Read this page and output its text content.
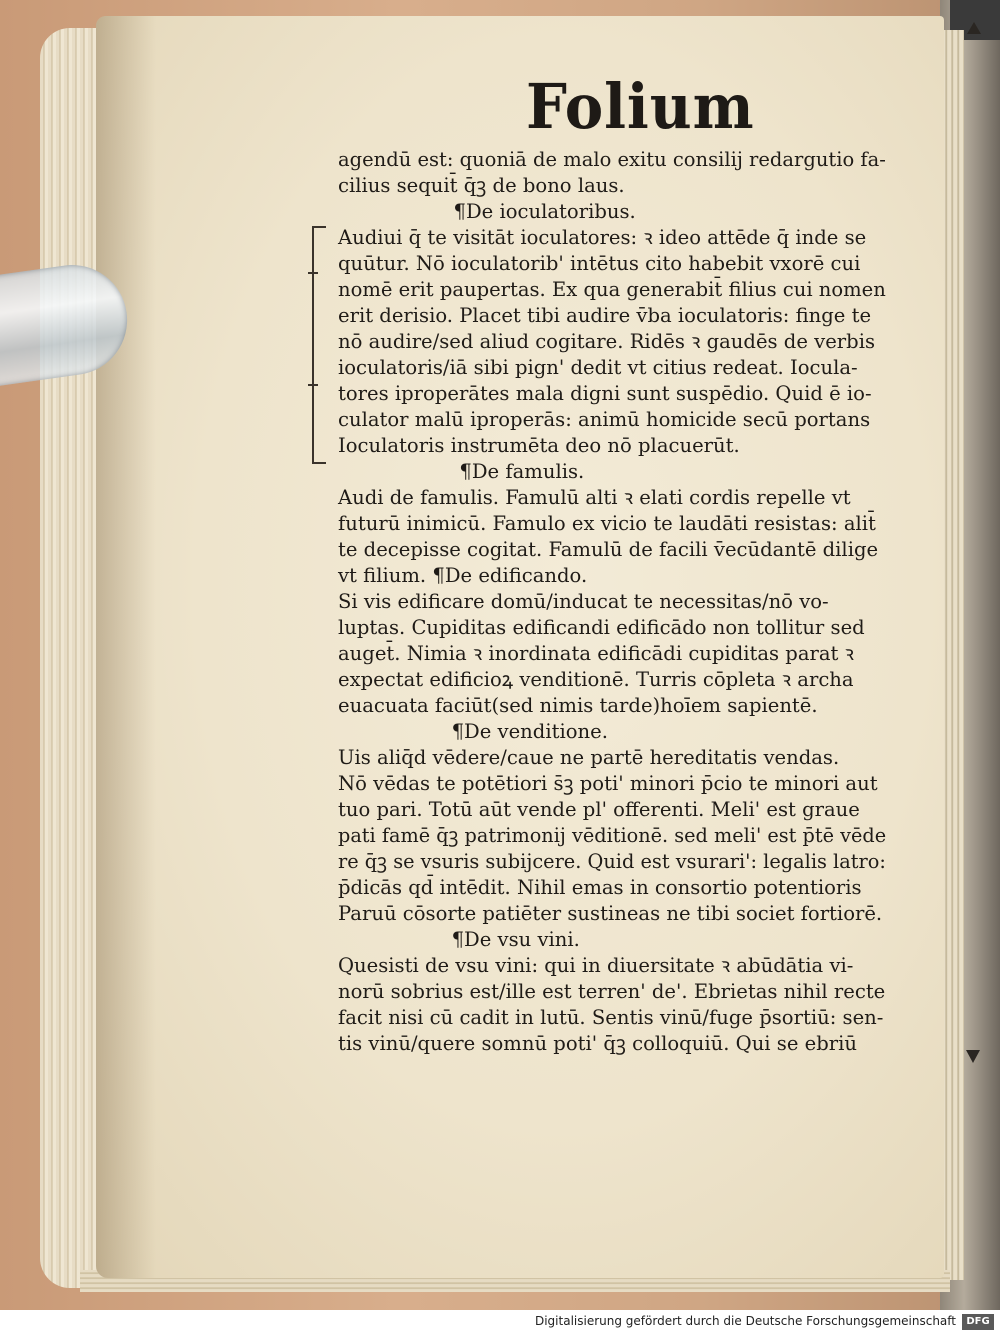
Folium
agendū est: quoniā de malo exitu consilij redargutio fa-
cilius sequit̄ q̄ꝫ de bono laus.
¶De ioculatoribus.
Audiui q̄ te visitāt ioculatores: ꝛ ideo attēde q̄ inde se
quūtur. Nō ioculatorib' intētus cito habebit vxorē cui
nomē erit paupertas. Ex qua generabit̄ filius cui nomen
erit derisio. Placet tibi audire v̄ba ioculatoris: finge te
nō audire/sed aliud cogitare. Ridēs ꝛ gaudēs de verbis
ioculatoris/iā sibi pign' dedit vt citius redeat. Iocula-
tores iproperātes mala digni sunt suspēdio. Quid ē io-
culator malū iproperās: animū homicide secū portans
Ioculatoris instrumēta deo nō placuerūt.
¶De famulis.
Audi de famulis. Famulū alti ꝛ elati cordis repelle vt
futurū inimicū. Famulo ex vicio te laudāti resistas: alit̄
te decepisse cogitat. Famulū de facili v̄ecūdantē dilige
vt filium. ¶De edificando.
Si vis edificare domū/inducat te necessitas/nō vo-
luptas. Cupiditas edificandi edificādo non tollitur sed
auget̄. Nimia ꝛ inordinata edificādi cupiditas parat ꝛ
expectat edificioꝝ venditionē. Turris cōpleta ꝛ archa
euacuata faciūt(sed nimis tarde)hoīem sapientē.
¶De venditione.
Uis aliq̄d vēdere/caue ne partē hereditatis vendas.
Nō vēdas te potētiori s̄ꝫ poti' minori p̄cio te minori aut
tuo pari. Totū aūt vende pl' offerenti. Meli' est graue
pati famē q̄ꝫ patrimonij vēditionē. sed meli' est p̄tē vēde
re q̄ꝫ se vsuris subijcere. Quid est vsurari': legalis latro:
p̄dicās qd̄ intēdit. Nihil emas in consortio potentioris
Paruū cōsorte patiēter sustineas ne tibi societ fortiorē.
¶De vsu vini.
Quesisti de vsu vini: qui in diuersitate ꝛ abūdātia vi-
norū sobrius est/ille est terren' de'. Ebrietas nihil recte
facit nisi cū cadit in lutū. Sentis vinū/fuge p̄sortiū: sen-
tis vinū/quere somnū poti' q̄ꝫ colloquiū. Qui se ebriū
Digitalisierung gefördert durch die Deutsche Forschungsgemeinschaft	DFG
